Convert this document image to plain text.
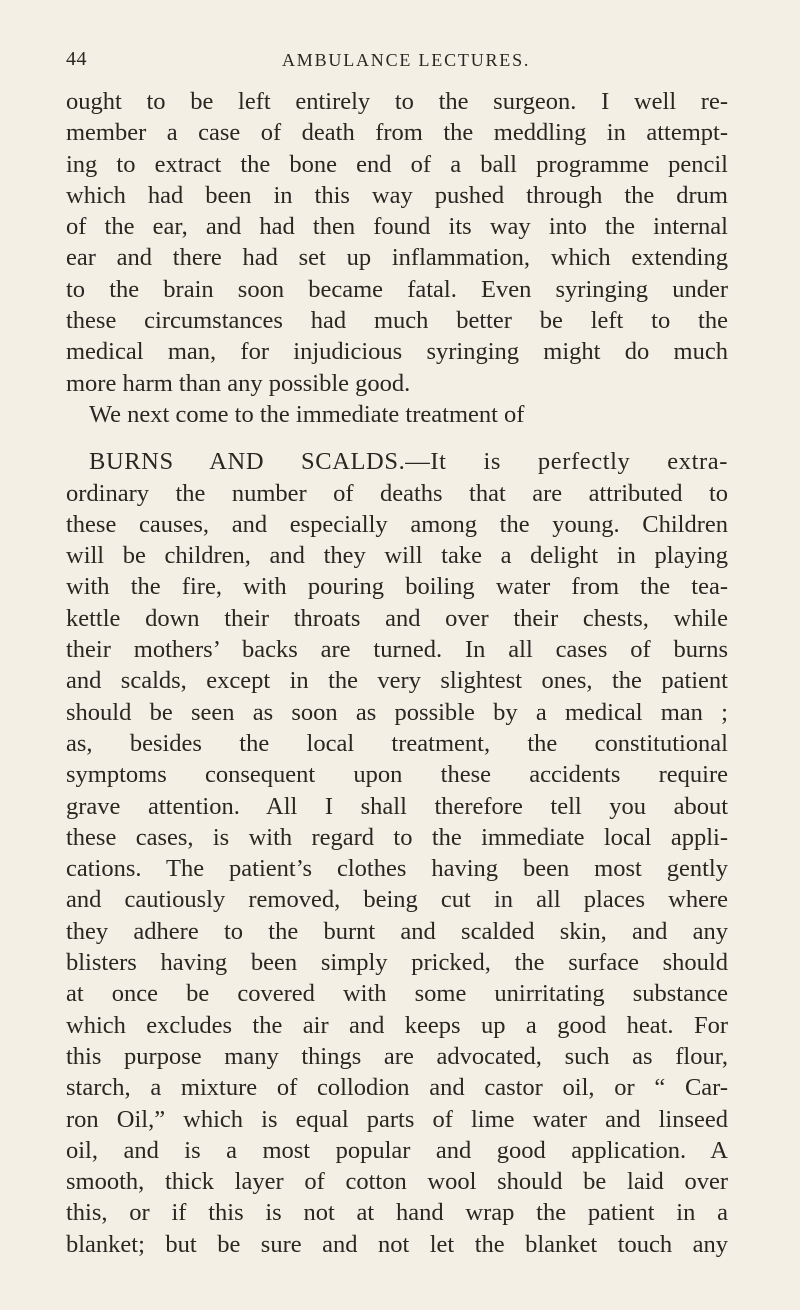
44	AMBULANCE LECTURES.
ought to be left entirely to the surgeon. I well re-
member a case of death from the meddling in attempt-
ing to extract the bone end of a ball programme pencil
which had been in this way pushed through the drum
of the ear, and had then found its way into the internal
ear and there had set up inflammation, which extending
to the brain soon became fatal. Even syringing under
these circumstances had much better be left to the
medical man, for injudicious syringing might do much
more harm than any possible good.
We next come to the immediate treatment of
BURNS AND SCALDS.—It is perfectly extra-
ordinary the number of deaths that are attributed to
these causes, and especially among the young. Children
will be children, and they will take a delight in playing
with the fire, with pouring boiling water from the tea-
kettle down their throats and over their chests, while
their mothers’ backs are turned. In all cases of burns
and scalds, except in the very slightest ones, the patient
should be seen as soon as possible by a medical man ;
as, besides the local treatment, the constitutional
symptoms consequent upon these accidents require
grave attention. All I shall therefore tell you about
these cases, is with regard to the immediate local appli-
cations. The patient’s clothes having been most gently
and cautiously removed, being cut in all places where
they adhere to the burnt and scalded skin, and any
blisters having been simply pricked, the surface should
at once be covered with some unirritating substance
which excludes the air and keeps up a good heat. For
this purpose many things are advocated, such as flour,
starch, a mixture of collodion and castor oil, or “ Car-
ron Oil,” which is equal parts of lime water and linseed
oil, and is a most popular and good application. A
smooth, thick layer of cotton wool should be laid over
this, or if this is not at hand wrap the patient in a
blanket; but be sure and not let the blanket touch any
